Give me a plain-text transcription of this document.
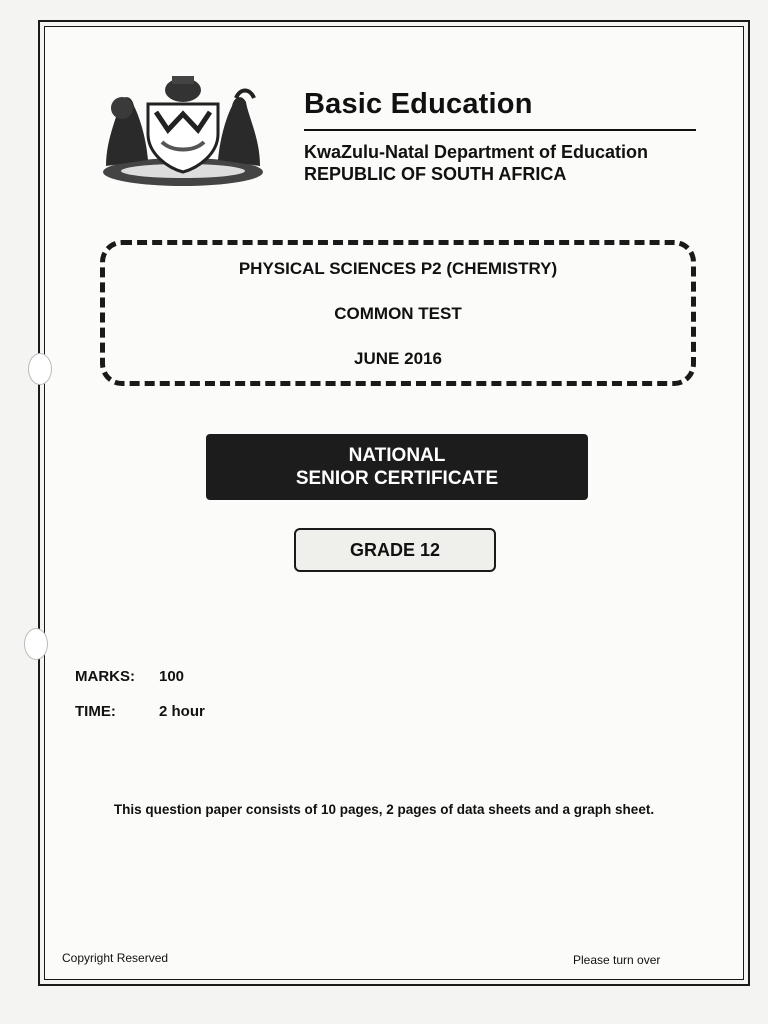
Basic Education
KwaZulu-Natal Department of Education
REPUBLIC OF SOUTH AFRICA
PHYSICAL SCIENCES P2 (CHEMISTRY)
COMMON TEST
JUNE 2016
NATIONAL
SENIOR CERTIFICATE
GRADE 12
MARKS: 100
TIME:	2 hour
This question paper consists of 10 pages, 2 pages of data sheets and a graph sheet.
Copyright Reserved	Please turn over
